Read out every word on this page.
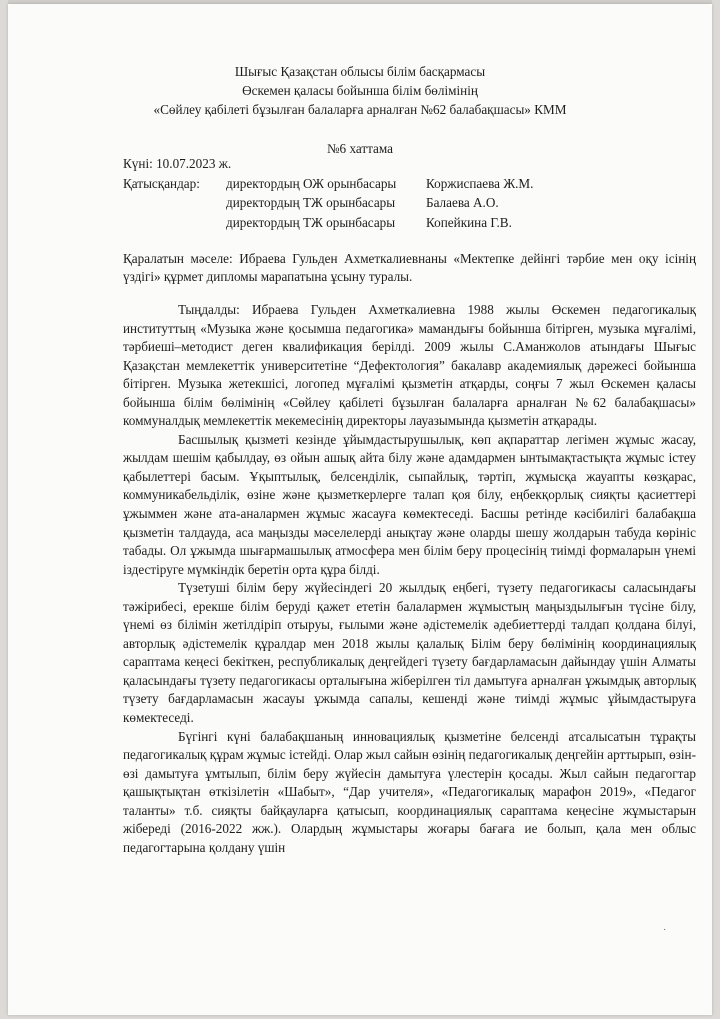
Шығыс Қазақстан облысы білім басқармасы
Өскемен қаласы бойынша білім бөлімінің
«Сөйлеу қабілеті бұзылған балаларға арналған №62 балабақшасы» КММ
№6 хаттама
Күні: 10.07.2023 ж.
Қатысқандар:	директордың ОЖ орынбасары	Коржиспаева Ж.М.
директордың ТЖ орынбасары	Балаева А.О.
директордың ТЖ орынбасары	Копейкина Г.В.
Қаралатын мәселе: Ибраева Гульден Ахметкалиевнаны «Мектепке дейінгі тәрбие мен оқу ісінің үздігі» құрмет дипломы марапатына ұсыну туралы.

Тыңдалды: Ибраева Гульден Ахметкалиевна 1988 жылы Өскемен педагогикалық институттың «Музыка және қосымша педагогика» мамандығы бойынша бітірген, музыка мұғалімі, тәрбиеші–методист деген квалификация берілді. 2009 жылы С.Аманжолов атындағы Шығыс Қазақстан мемлекеттік университетіне “Дефектология” бакалавр академиялық дәрежесі бойынша бітірген. Музыка жетекшісі, логопед мұғалімі қызметін атқарды, соңғы 7 жыл Өскемен қаласы бойынша білім бөлімінің «Сөйлеу қабілеті бұзылған балаларға арналған №62 балабақшасы» коммуналдық мемлекеттік мекемесінің директоры лауазымында қызметін атқарады.

Басшылық қызметі кезінде ұйымдастырушылық, көп ақпараттар легімен жұмыс жасау, жылдам шешім қабылдау, өз ойын ашық айта білу және адамдармен ынтымақтастықта жұмыс істеу қабылеттері басым. Ұқыптылық, белсенділік, сыпайлық, тәртіп, жұмысқа жауапты көзқарас, коммуникабельділік, өзіне және қызметкерлерге талап қоя білу, еңбекқорлық сияқты қасиеттері ұжыммен және ата-аналармен жұмыс жасауға көмектеседі. Басшы ретінде кәсібилігі балабақша қызметін талдауда, аса маңызды мәселелерді анықтау және оларды шешу жолдарын табуда көрініс табады. Ол ұжымда шығармашылық атмосфера мен білім беру процесінің тиімді формаларын үнемі іздестіруге мүмкіндік беретін орта құра білді.

Түзетуші білім беру жүйесіндегі 20 жылдық еңбегі, түзету педагогикасы саласындағы тәжірибесі, ерекше білім беруді қажет ететін балалармен жұмыстың маңыздылығын түсіне білу, үнемі өз білімін жетілдіріп отыруы, ғылыми және әдістемелік әдебиеттерді талдап қолдана білуі, авторлық әдістемелік құралдар мен 2018 жылы қалалық Білім беру бөлімінің координациялық сараптама кеңесі бекіткен, республикалық деңгейдегі түзету бағдарламасын дайындау үшін Алматы қаласындағы түзету педагогикасы орталығына жіберілген тіл дамытуға арналған ұжымдық авторлық түзету бағдарламасын жасауы ұжымда сапалы, кешенді және тиімді жұмыс ұйымдастыруға көмектеседі.

Бүгінгі күні балабақшаның инновациялық қызметіне белсенді атсалысатын тұрақты педагогикалық құрам жұмыс істейді. Олар жыл сайын өзінің педагогикалық деңгейін арттырып, өзін-өзі дамытуға ұмтылып, білім беру жүйесін дамытуға үлестерін қосады. Жыл сайын педагогтар қашықтықтан өткізілетін «Шабыт», “Дар учителя», «Педагогикалық марафон 2019», «Педагог таланты» т.б. сияқты байқауларға қатысып, координациялық сараптама кеңесіне жұмыстарын жібереді (2016-2022 жж.). Олардың жұмыстары жоғары бағаға ие болып, қала мен облыс педагогтарына қолдану үшін

˙
